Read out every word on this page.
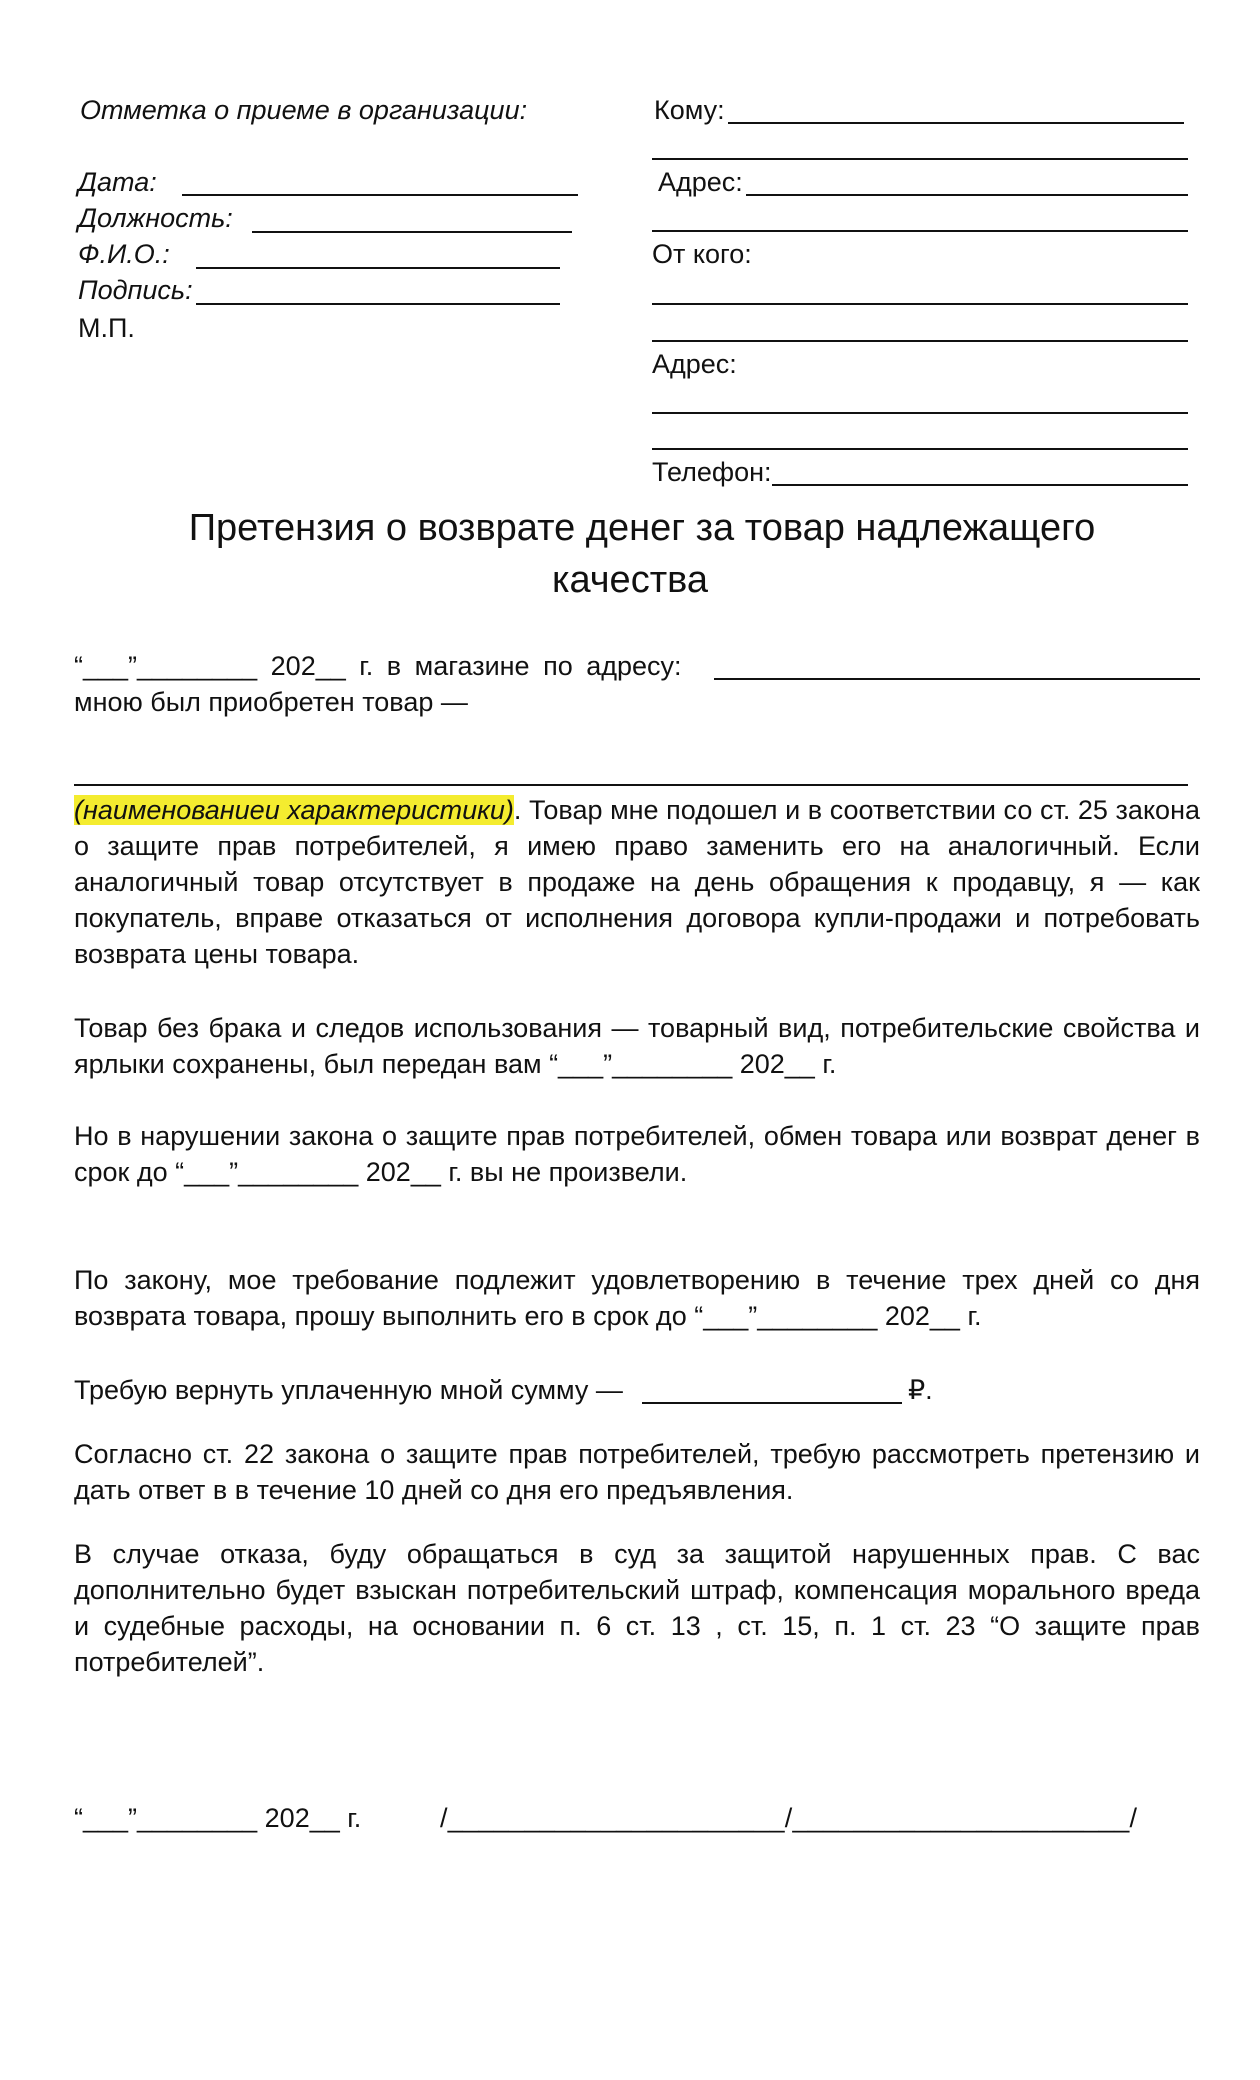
Отметка о приеме в организации:
Дата:
Должность:
Ф.И.О.:
Подпись:
М.П.
Кому:
Адрес:
От кого:
Адрес:
Телефон:
Претензия о возврате денег за товар надлежащего
качества
“___”________ 202__ г. в магазине по адресу:
мною был приобретен товар —
(наименованиеи характеристики). Товар мне подошел и в соответствии со ст. 25 закона о защите прав потребителей, я имею право заменить его на аналогичный. Если аналогичный товар отсутствует в продаже на день обращения к продавцу, я — как покупатель, вправе отказаться от исполнения договора купли-продажи и потребовать возврата цены товара.
Товар без брака и следов использования — товарный вид, потребительские свойства и ярлыки сохранены, был передан вам “___”________ 202__ г.
Но в нарушении закона о защите прав потребителей, обмен товара или возврат денег в срок до “___”________ 202__ г. вы не произвели.
По закону, мое требование подлежит удовлетворению в течение трех дней со дня возврата товара, прошу выполнить его в срок до “___”________ 202__ г.
Требую вернуть уплаченную мной сумму —	₽.
Согласно ст. 22 закона о защите прав потребителей, требую рассмотреть претензию и дать ответ в в течение 10 дней со дня его предъявления.
В случае отказа, буду обращаться в суд за защитой нарушенных прав. С вас дополнительно будет взыскан потребительский штраф, компенсация морального вреда и судебные расходы, на основании п. 6 ст. 13 , ст. 15, п. 1 ст. 23 “О защите прав потребителей”.
“___”________ 202__ г.	/______________________/______________________/
